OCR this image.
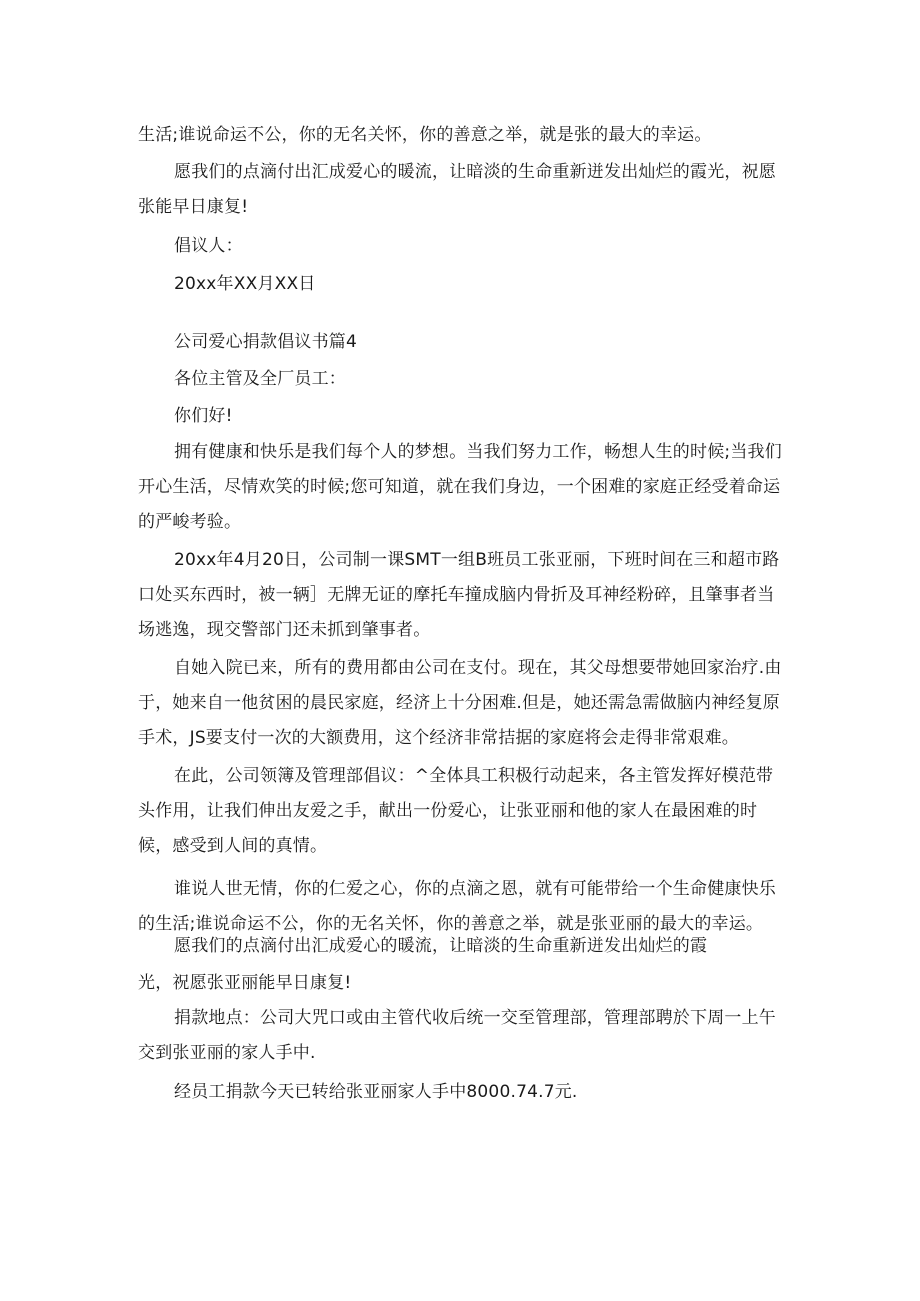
生活;谁说命运不公，你的无名关怀，你的善意之举，就是张的最大的幸运。

愿我们的点滴付出汇成爱心的暖流，让暗淡的生命重新迸发出灿烂的霞光，祝愿张能早日康复!

倡议人：

20xx年XX月XX日

公司爱心捐款倡议书篇4

各位主管及全厂员工：

你们好!

拥有健康和快乐是我们每个人的梦想。当我们努力工作，畅想人生的时候;当我们开心生活，尽情欢笑的时候;您可知道，就在我们身边，一个困难的家庭正经受着命运的严峻考验。

20xx年4月20日，公司制一课SMT一组B班员工张亚丽，下班时间在三和超市路口处买东西时，被一辆］无牌无证的摩托车撞成脑内骨折及耳神经粉碎，且肇事者当场逃逸，现交警部门还未抓到肇事者。

自她入院已来，所有的费用都由公司在支付。现在，其父母想要带她回家治疗.由于，她来自一他贫困的晨民家庭，经济上十分困难.但是，她还需急需做脑内神经复原手术，JS要支付一次的大额费用，这个经济非常拮据的家庭将会走得非常艰难。

在此，公司领簿及管理部倡议：^全体具工积极行动起来，各主管发挥好模范带头作用，让我们伸出友爱之手，献出一份爱心，让张亚丽和他的家人在最困难的时候，感受到人间的真情。

谁说人世无情，你的仁爱之心，你的点滴之恩，就有可能带给一个生命健康快乐的生活;谁说命运不公，你的无名关怀，你的善意之举，就是张亚丽的最大的幸运。

愿我们的点滴付出汇成爱心的暖流，让暗淡的生命重新迸发出灿烂的霞

光，祝愿张亚丽能早日康复!

捐款地点：公司大咒口或由主管代收后统一交至管理部，管理部聘於下周一上午交到张亚丽的家人手中.

经员工捐款今天已转给张亚丽家人手中8000.74.7元.
